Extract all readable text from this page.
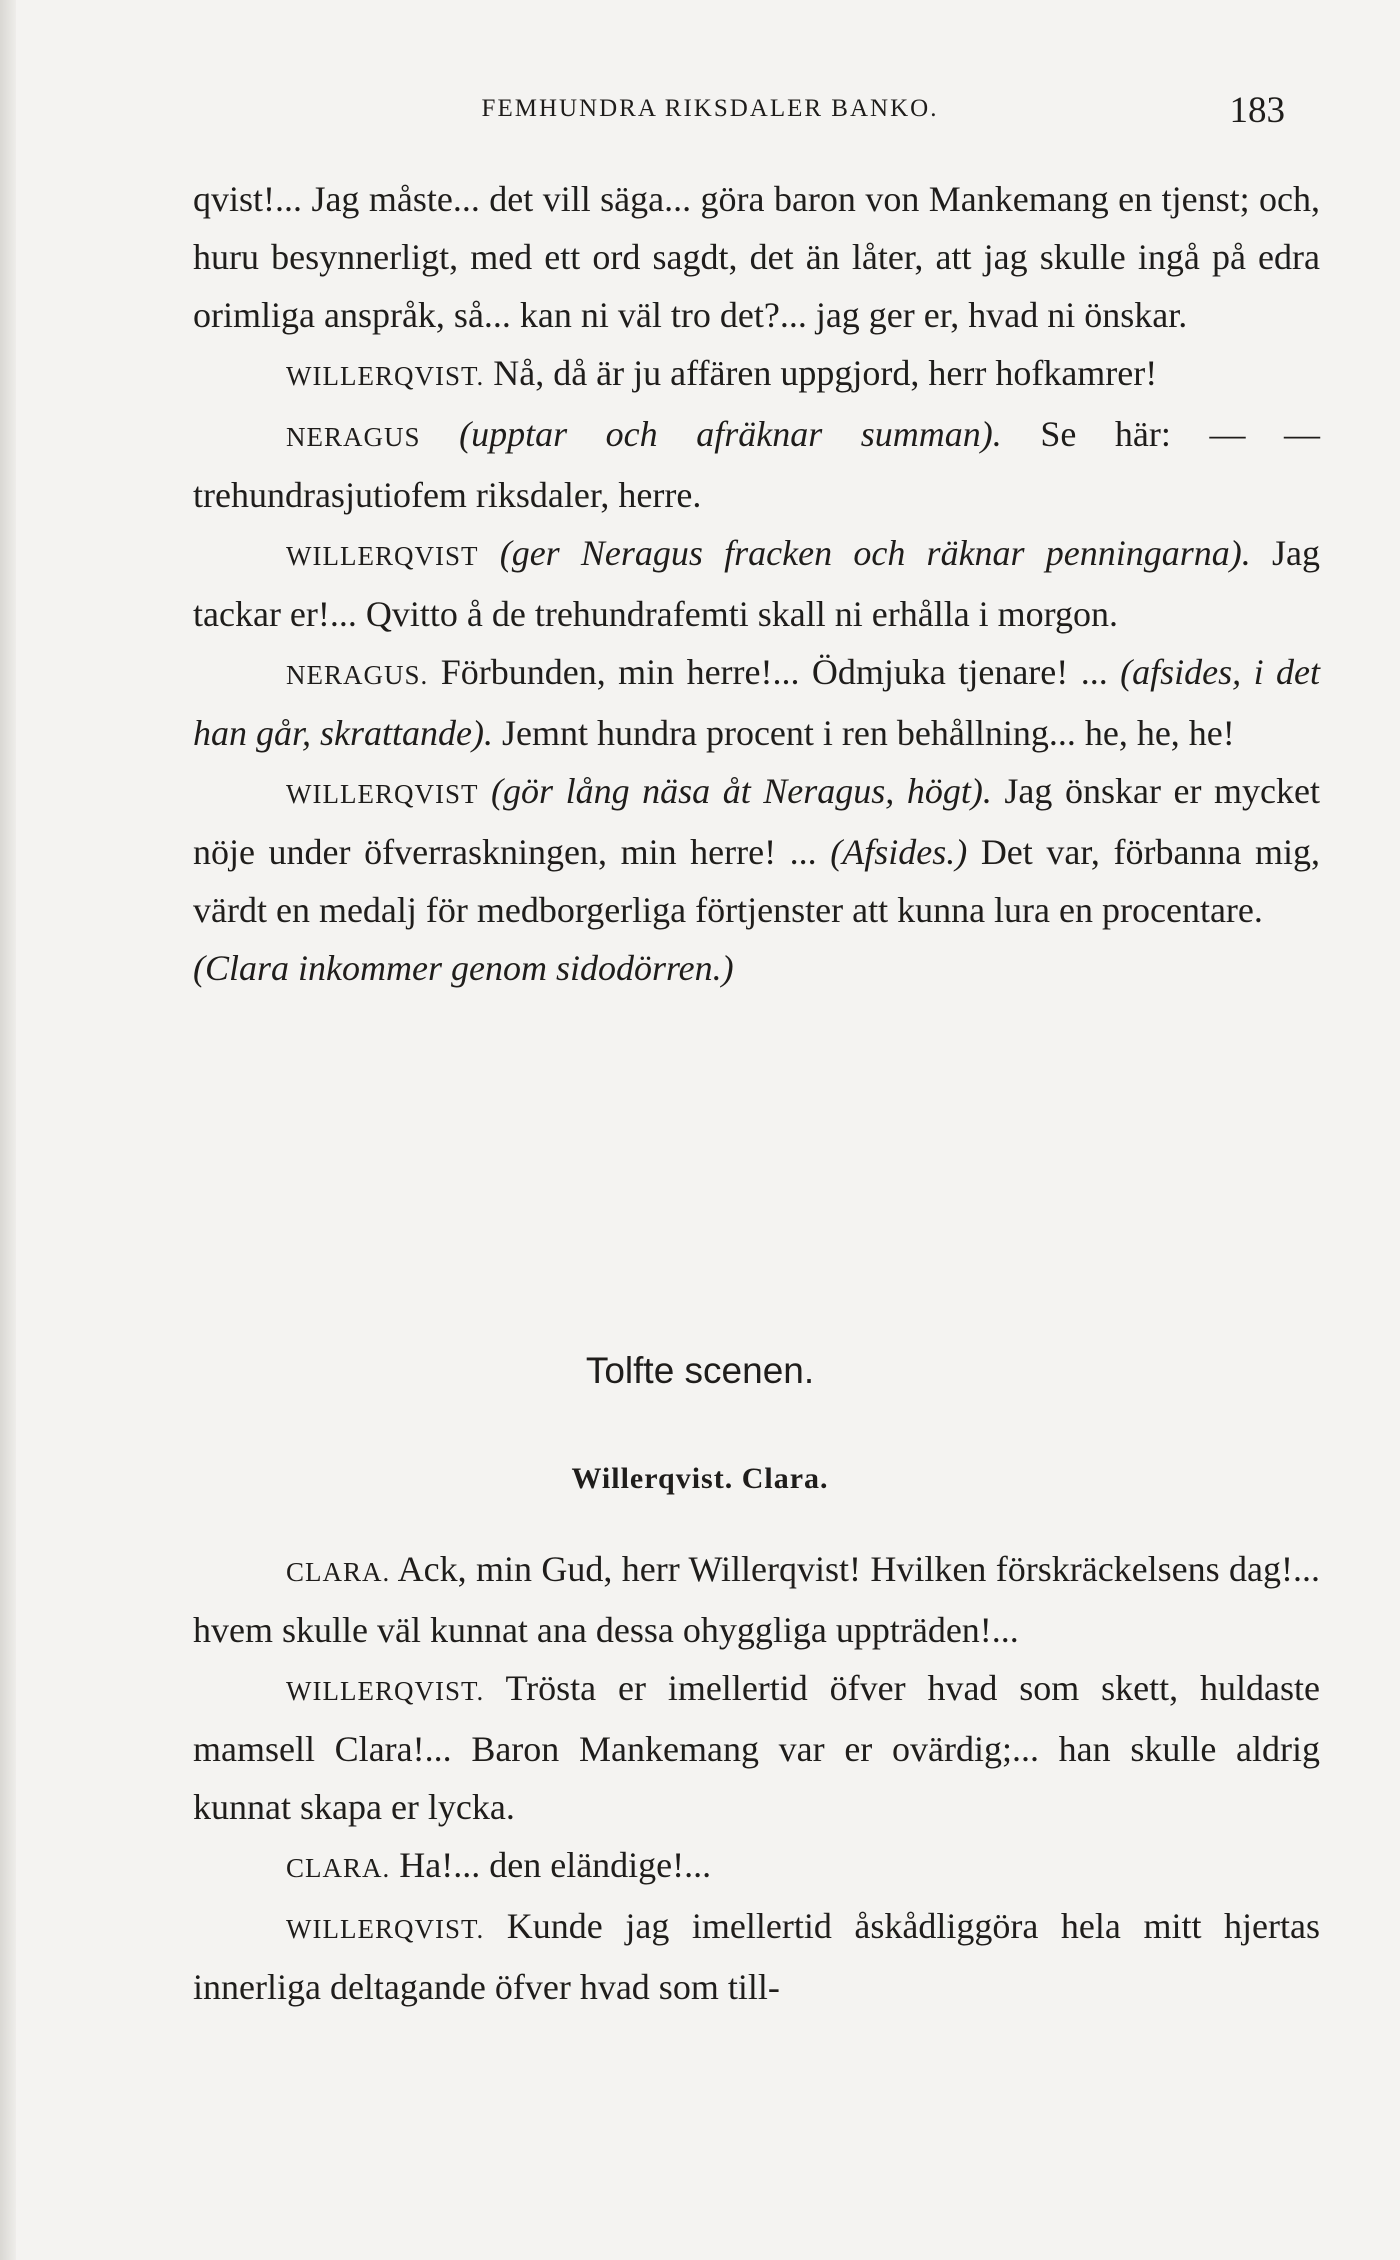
FEMHUNDRA RIKSDALER BANKO.	183

qvist!... Jag måste... det vill säga... göra baron von Mankemang en tjenst; och, huru besynnerligt, med ett ord sagdt, det än låter, att jag skulle ingå på edra orimliga anspråk, så... kan ni väl tro det?... jag ger er, hvad ni önskar.

WILLERQVIST. Nå, då är ju affären uppgjord, herr hofkamrer!

NERAGUS (upptar och afräknar summan). Se här: — — trehundrasjutiofem riksdaler, herre.

WILLERQVIST (ger Neragus fracken och räknar penningarna). Jag tackar er!... Qvitto å de trehundrafemti skall ni erhålla i morgon.

NERAGUS. Förbunden, min herre!... Ödmjuka tjenare! ... (afsides, i det han går, skrattande). Jemnt hundra procent i ren behållning... he, he, he!

WILLERQVIST (gör lång näsa åt Neragus, högt). Jag önskar er mycket nöje under öfverraskningen, min herre! ... (Afsides.) Det var, förbanna mig, värdt en medalj för medborgerliga förtjenster att kunna lura en procentare.

(Clara inkommer genom sidodörren.)

Tolfte scenen.
Willerqvist. Clara.

CLARA. Ack, min Gud, herr Willerqvist! Hvilken förskräckelsens dag!... hvem skulle väl kunnat ana dessa ohyggliga uppträden!...

WILLERQVIST. Trösta er imellertid öfver hvad som skett, huldaste mamsell Clara!... Baron Mankemang var er ovärdig;... han skulle aldrig kunnat skapa er lycka.

CLARA. Ha!... den eländige!...

WILLERQVIST. Kunde jag imellertid åskådliggöra hela mitt hjertas innerliga deltagande öfver hvad som till-
